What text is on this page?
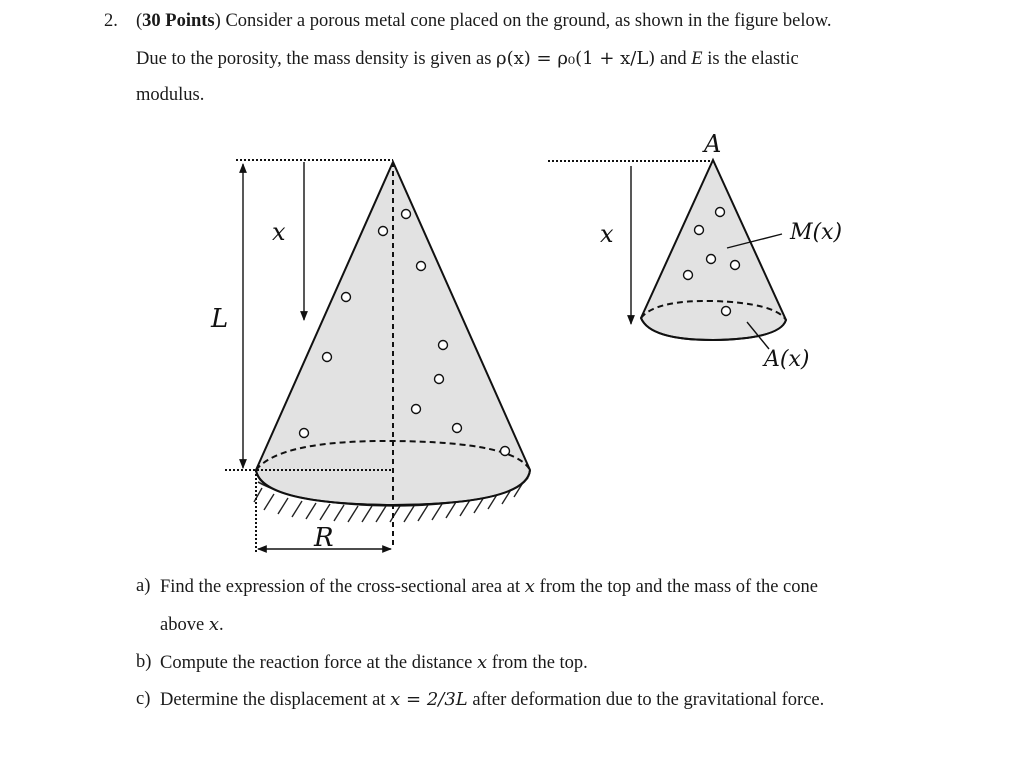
2. (30 Points) Consider a porous metal cone placed on the ground, as shown in the figure below.
Due to the porosity, the mass density is given as ρ(x) = ρ₀(1 + x/L) and E is the elastic
modulus.
x
L
R
A
x	M(x)
A(x)
a) Find the expression of the cross-sectional area at x from the top and the mass of the cone
above x.
b) Compute the reaction force at the distance x from the top.
c) Determine the displacement at x = 2/3L after deformation due to the gravitational force.
